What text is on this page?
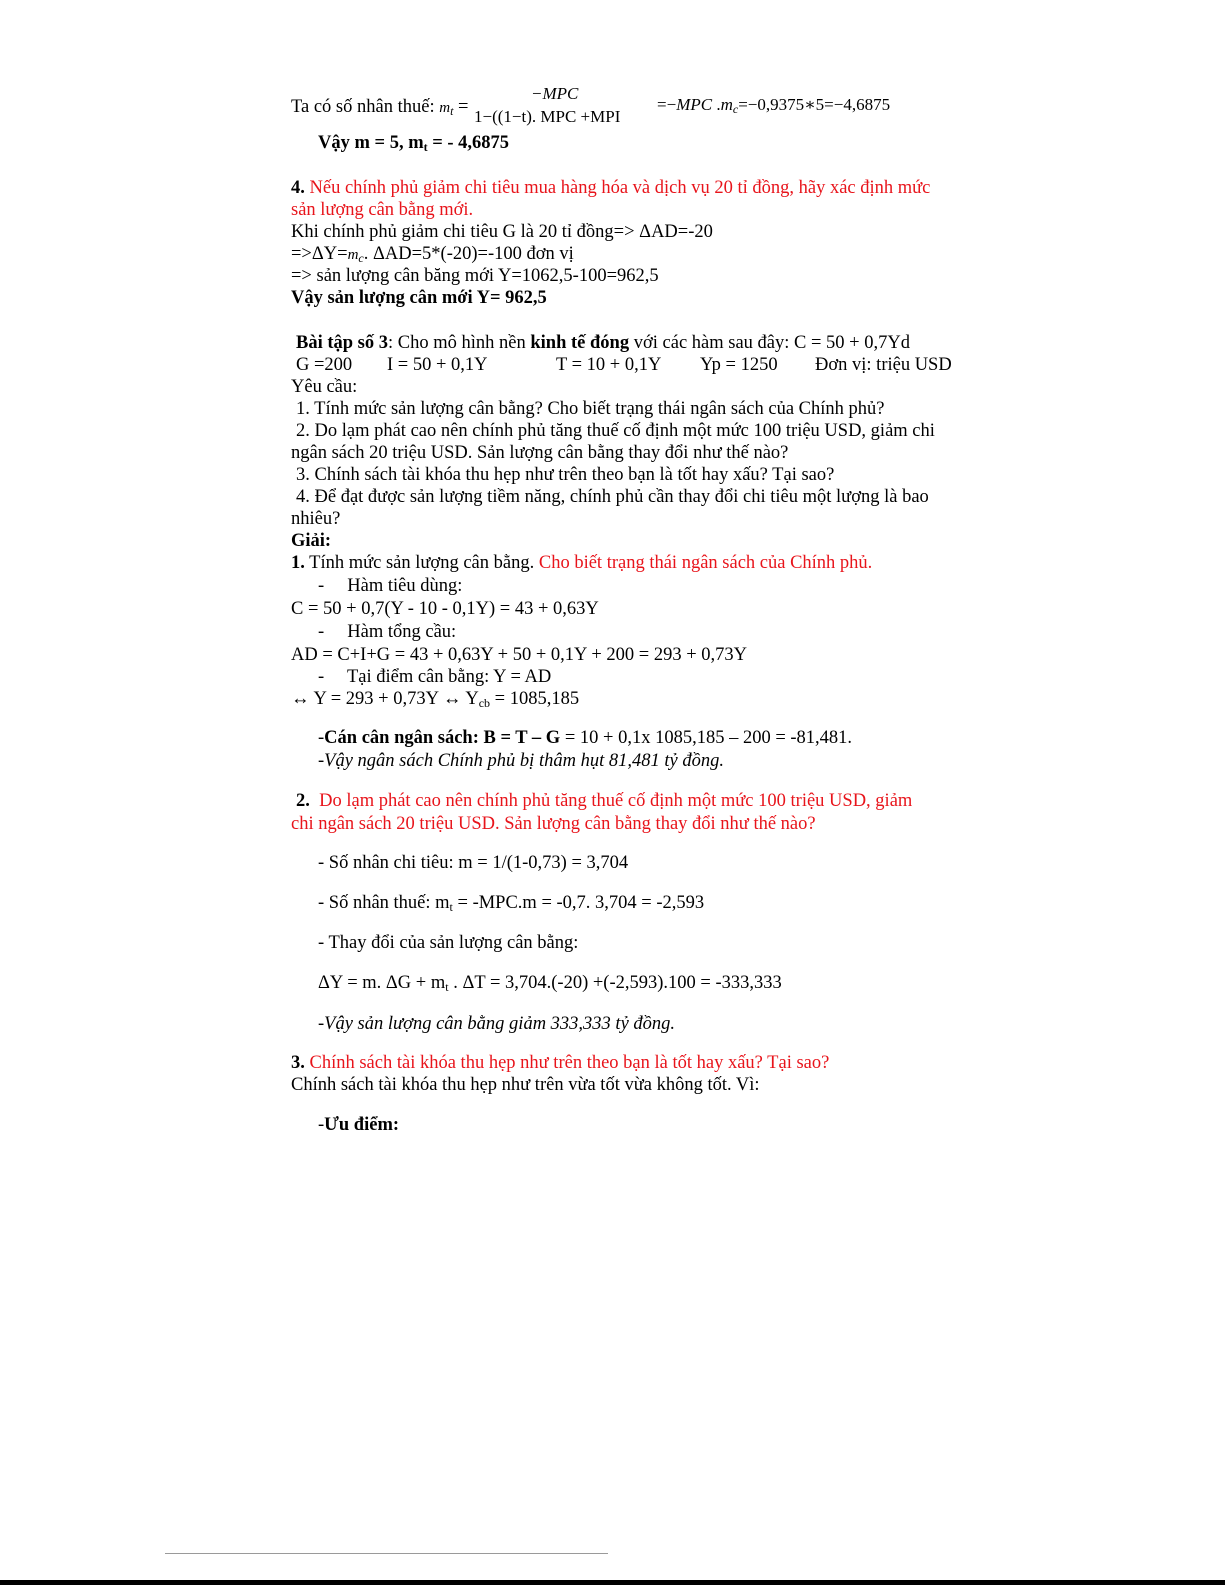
Ta có số nhân thuế: $m_t$ =
−MPC
1−((1−t). MPC +MPI
=−MPC $.m_c=-0,9375∗5=-4,6875$
Vậy m = 5, $m_t$ = - 4,6875
4. Nếu chính phủ giảm chi tiêu mua hàng hóa và dịch vụ 20 tỉ đồng, hãy xác định mức
sản lượng cân bằng mới.
Khi chính phủ giảm chi tiêu G là 20 tỉ đồng=> ΔAD=-20
$=>\Delta Y=m_c$. ΔAD=5*(-20)=-100 đơn vị
=> sản lượng cân băng mới Y=1062,5-100=962,5
Vậy sản lượng cân mới Y= 962,5
Bài tập số 3: Cho mô hình nền kinh tế đóng với các hàm sau đây: C = 50 + 0,7Yd
G =200 I = 50 + 0,1Y	T = 10 + 0,1Y Yp = 1250 Đơn vị: triệu USD
Yêu cầu:
1. Tính mức sản lượng cân bằng? Cho biết trạng thái ngân sách của Chính phủ?
2. Do lạm phát cao nên chính phủ tăng thuế cố định một mức 100 triệu USD, giảm chi
ngân sách 20 triệu USD. Sản lượng cân bằng thay đổi như thế nào?
3. Chính sách tài khóa thu hẹp như trên theo bạn là tốt hay xấu? Tại sao?
4. Để đạt được sản lượng tiềm năng, chính phủ cần thay đổi chi tiêu một lượng là bao
nhiêu?
Giải:
1. Tính mức sản lượng cân bằng. Cho biết trạng thái ngân sách của Chính phủ.
-     Hàm tiêu dùng:
C = 50 + 0,7(Y - 10 - 0,1Y) = 43 + 0,63Y
-     Hàm tổng cầu:
AD = C+I+G = 43 + 0,63Y + 50 + 0,1Y + 200 = 293 + 0,73Y
-     Tại điểm cân bằng: Y = AD
↔ Y = 293 + 0,73Y ↔ $Y_{cb} = 1085,185$
-Cán cân ngân sách: B = T – G = 10 + 0,1x 1085,185 – 200 = -81,481.
-Vậy ngân sách Chính phủ bị thâm hụt 81,481 tỷ đồng.
2.  Do lạm phát cao nên chính phủ tăng thuế cố định một mức 100 triệu USD, giảm
chi ngân sách 20 triệu USD. Sản lượng cân bằng thay đổi như thế nào?
- Số nhân chi tiêu: m = 1/(1-0,73) = 3,704
- Số nhân thuế: $m_t = -MPC.m = -0,7$. 3,704 = -2,593
- Thay đổi của sản lượng cân bằng:
ΔY = m. $\Delta G + m_t$ . ΔT = 3,704.(-20) +(-2,593).100 = -333,333
-Vậy sản lượng cân bằng giảm 333,333 tỷ đồng.
3. Chính sách tài khóa thu hẹp như trên theo bạn là tốt hay xấu? Tại sao?
Chính sách tài khóa thu hẹp như trên vừa tốt vừa không tốt. Vì:
-Ưu điểm:
